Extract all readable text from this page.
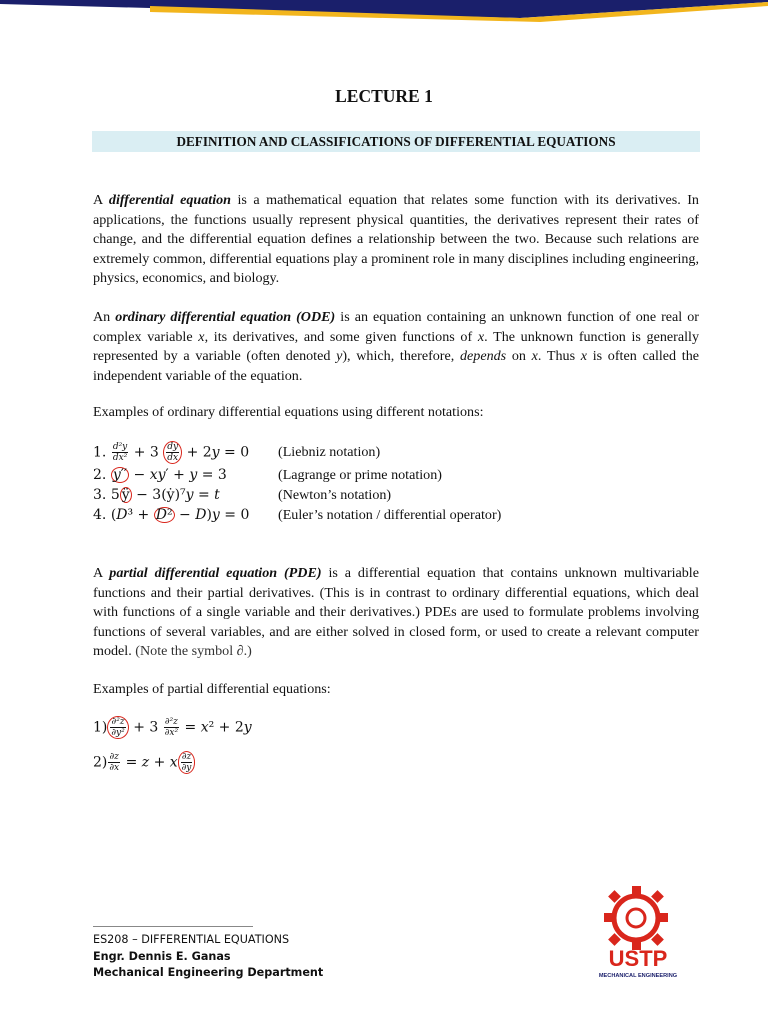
LECTURE 1
DEFINITION AND CLASSIFICATIONS OF DIFFERENTIAL EQUATIONS
A differential equation is a mathematical equation that relates some function with its derivatives. In applications, the functions usually represent physical quantities, the derivatives represent their rates of change, and the differential equation defines a relationship between the two. Because such relations are extremely common, differential equations play a prominent role in many disciplines including engineering, physics, economics, and biology.
An ordinary differential equation (ODE) is an equation containing an unknown function of one real or complex variable x, its derivatives, and some given functions of x. The unknown function is generally represented by a variable (often denoted y), which, therefore, depends on x. Thus x is often called the independent variable of the equation.
Examples of ordinary differential equations using different notations:
1. $\frac{\text{d²y}}{\text{dx²}} + 3 \frac{dy}{dx}$ + 2𝑦 = 0 (Liebniz notation)
2. 𝑦′′ − 𝑥𝑦′ + 𝑦 = 3	(Lagrange or prime notation)
3. 5 ÿ − 3(ẏ)⁷𝑦 = 𝑡	(Newton’s notation)
4. (𝐷³ + 𝐷² − 𝐷)𝑦 = 0 (Euler’s notation / differential operator)
A partial differential equation (PDE) is a differential equation that contains unknown multivariable functions and their partial derivatives. (This is in contrast to ordinary differential equations, which deal with functions of a single variable and their derivatives.) PDEs are used to formulate problems involving functions of several variables, and are either solved in closed form, or used to create a relevant computer model. (Note the symbol ∂.)
Examples of partial differential equations:
$1) \frac{\text{∂²z}}{\text{∂y²}} + 3 \frac{\text{∂²z}}{\text{∂x²}}$ = 𝑥² + 2𝑦
$2) \frac{\partial z}{\partial x}$ = 𝑧 + 𝑥 $\frac{\partial z}{\partial y}$
ES208 – DIFFERENTIAL EQUATIONS
Engr. Dennis E. Ganas
Mechanical Engineering Department
USTP
MECHANICAL ENGINEERING
